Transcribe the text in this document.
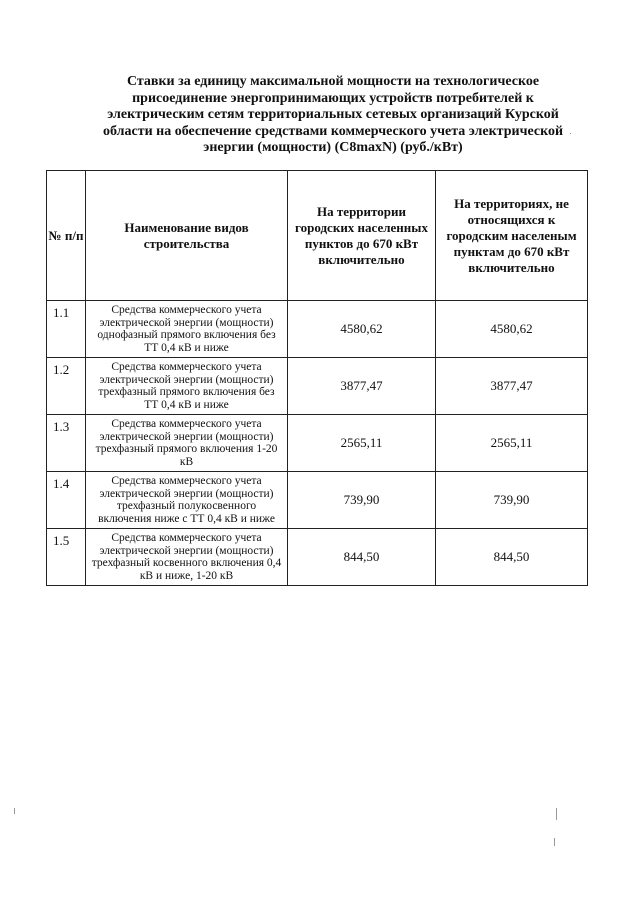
Ставки за единицу максимальной мощности на технологическое присоединение энергопринимающих устройств потребителей к электрическим сетям территориальных сетевых организаций Курской области на обеспечение средствами коммерческого учета электрической энергии (мощности) (C8maxN) (руб./кВт)
№ п/п	Наименование видов строительства	На территории городских населенных пунктов до 670 кВт включительно	На территориях, не относящихся к городским населеным пунктам до 670 кВт включительно
1.1	Средства коммерческого учета электрической энергии (мощности) однофазный прямого включения без ТТ 0,4 кВ и ниже	4580,62	4580,62
1.2	Средства коммерческого учета электрической энергии (мощности) трехфазный прямого включения без ТТ 0,4 кВ и ниже	3877,47	3877,47
1.3	Средства коммерческого учета электрической энергии (мощности) трехфазный прямого включения 1-20 кВ	2565,11	2565,11
1.4	Средства коммерческого учета электрической энергии (мощности) трехфазный полукосвенного включения ниже с ТТ 0,4 кВ и ниже	739,90	739,90
1.5	Средства коммерческого учета электрической энергии (мощности) трехфазный косвенного включения 0,4 кВ и ниже, 1-20 кВ	844,50	844,50
